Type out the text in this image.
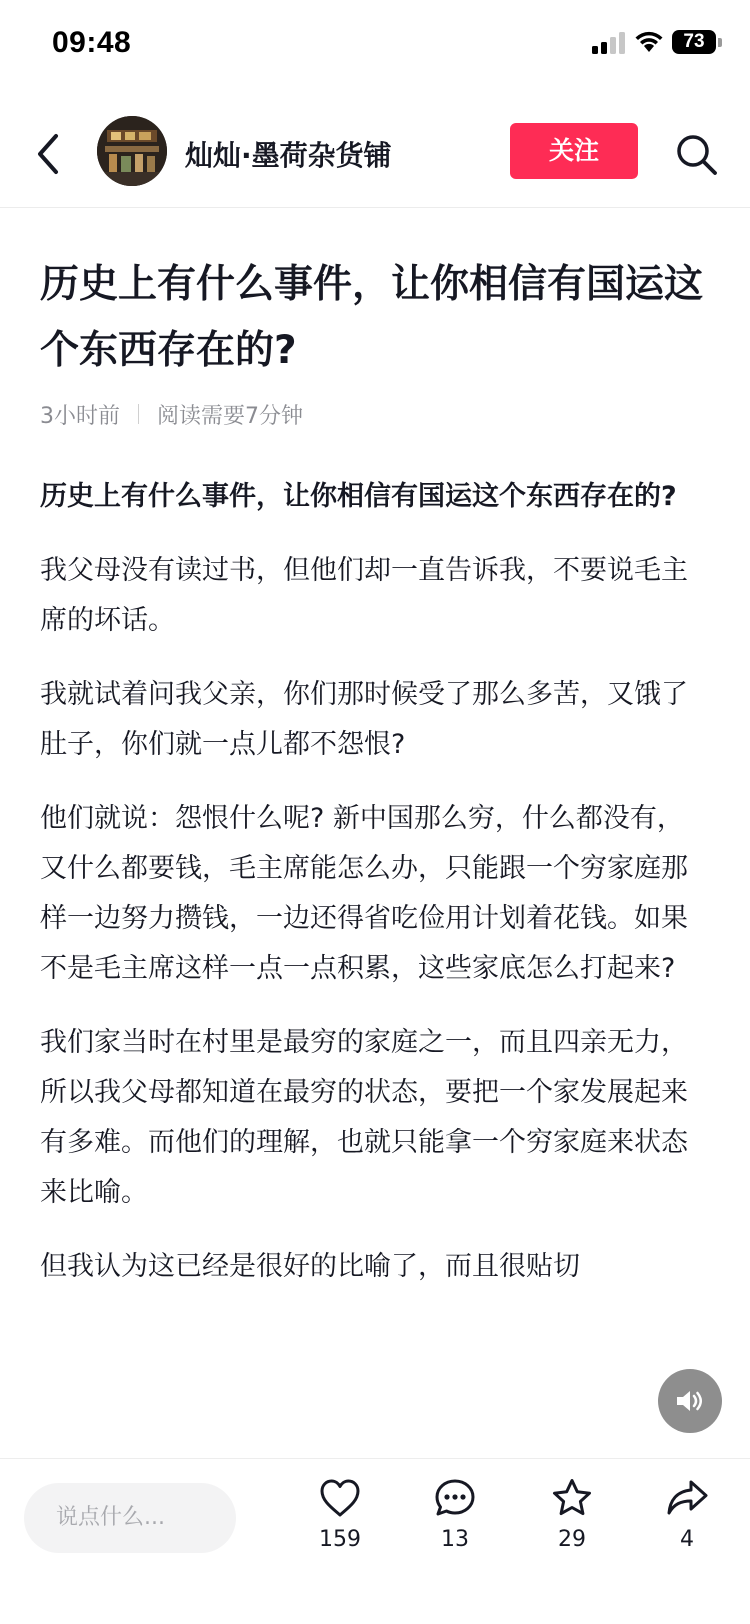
09:48	73
灿灿·墨荷杂货铺	关注
历史上有什么事件，让你相信有国运这个东西存在的?
3小时前 阅读需要7分钟

历史上有什么事件，让你相信有国运这个东西存在的?

我父母没有读过书，但他们却一直告诉我，不要说毛主席的坏话。

我就试着问我父亲，你们那时候受了那么多苦，又饿了肚子，你们就一点儿都不怨恨?

他们就说：怨恨什么呢? 新中国那么穷，什么都没有，又什么都要钱，毛主席能怎么办，只能跟一个穷家庭那样一边努力攒钱，一边还得省吃俭用计划着花钱。如果不是毛主席这样一点一点积累，这些家底怎么打起来?

我们家当时在村里是最穷的家庭之一，而且四亲无力，所以我父母都知道在最穷的状态，要把一个家发展起来有多难。而他们的理解，也就只能拿一个穷家庭来状态来比喻。

但我认为这已经是很好的比喻了，而且很贴切

说点什么...
159	13	29	4
